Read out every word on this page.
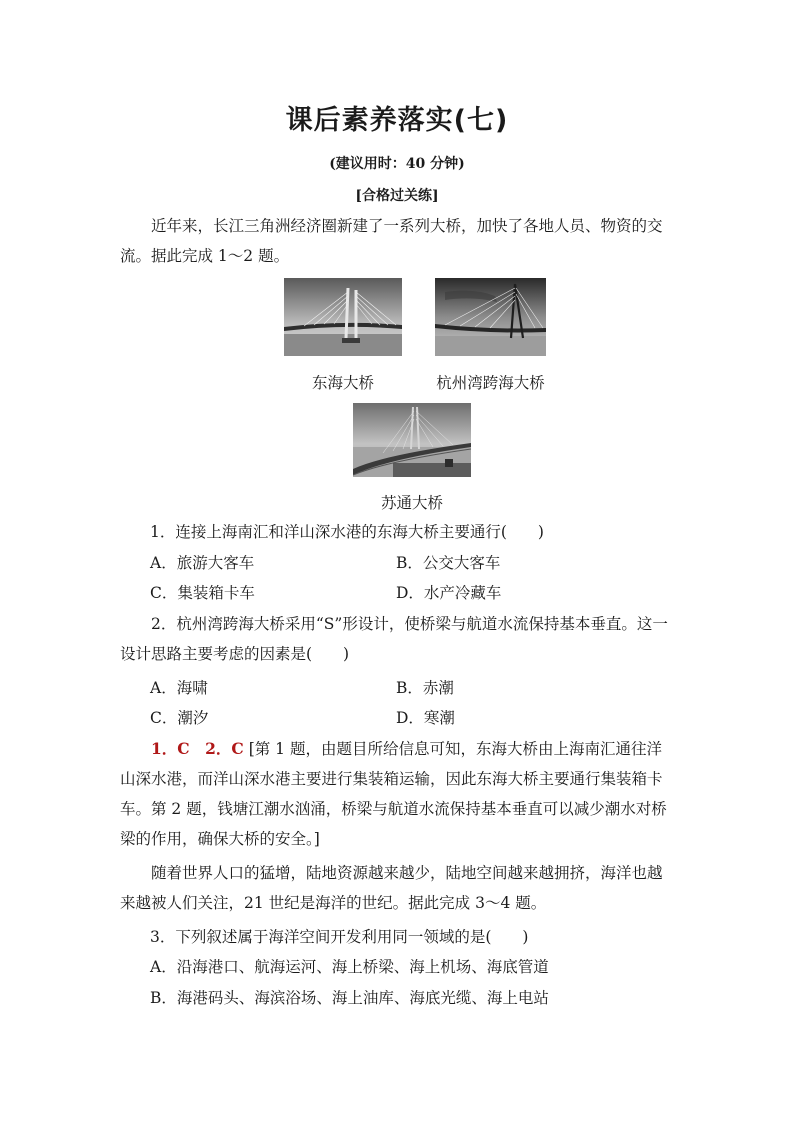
课后素养落实(七)
(建议用时：40 分钟)
[合格过关练]
近年来，长江三角洲经济圈新建了一系列大桥，加快了各地人员、物资的交流。据此完成 1～2 题。
东海大桥	杭州湾跨海大桥
苏通大桥
1．连接上海南汇和洋山深水港的东海大桥主要通行(　　)
A．旅游大客车	B．公交大客车
C．集装箱卡车	D．水产冷藏车
2．杭州湾跨海大桥采用“S”形设计，使桥梁与航道水流保持基本垂直。这一设计思路主要考虑的因素是(　　)
A．海啸	B．赤潮
C．潮汐	D．寒潮
1．C　2．C [第 1 题，由题目所给信息可知，东海大桥由上海南汇通往洋山深水港，而洋山深水港主要进行集装箱运输，因此东海大桥主要通行集装箱卡车。第 2 题，钱塘江潮水汹涌，桥梁与航道水流保持基本垂直可以减少潮水对桥梁的作用，确保大桥的安全。]
随着世界人口的猛增，陆地资源越来越少，陆地空间越来越拥挤，海洋也越来越被人们关注，21 世纪是海洋的世纪。据此完成 3～4 题。
3．下列叙述属于海洋空间开发利用同一领域的是(　　)
A．沿海港口、航海运河、海上桥梁、海上机场、海底管道
B．海港码头、海滨浴场、海上油库、海底光缆、海上电站
